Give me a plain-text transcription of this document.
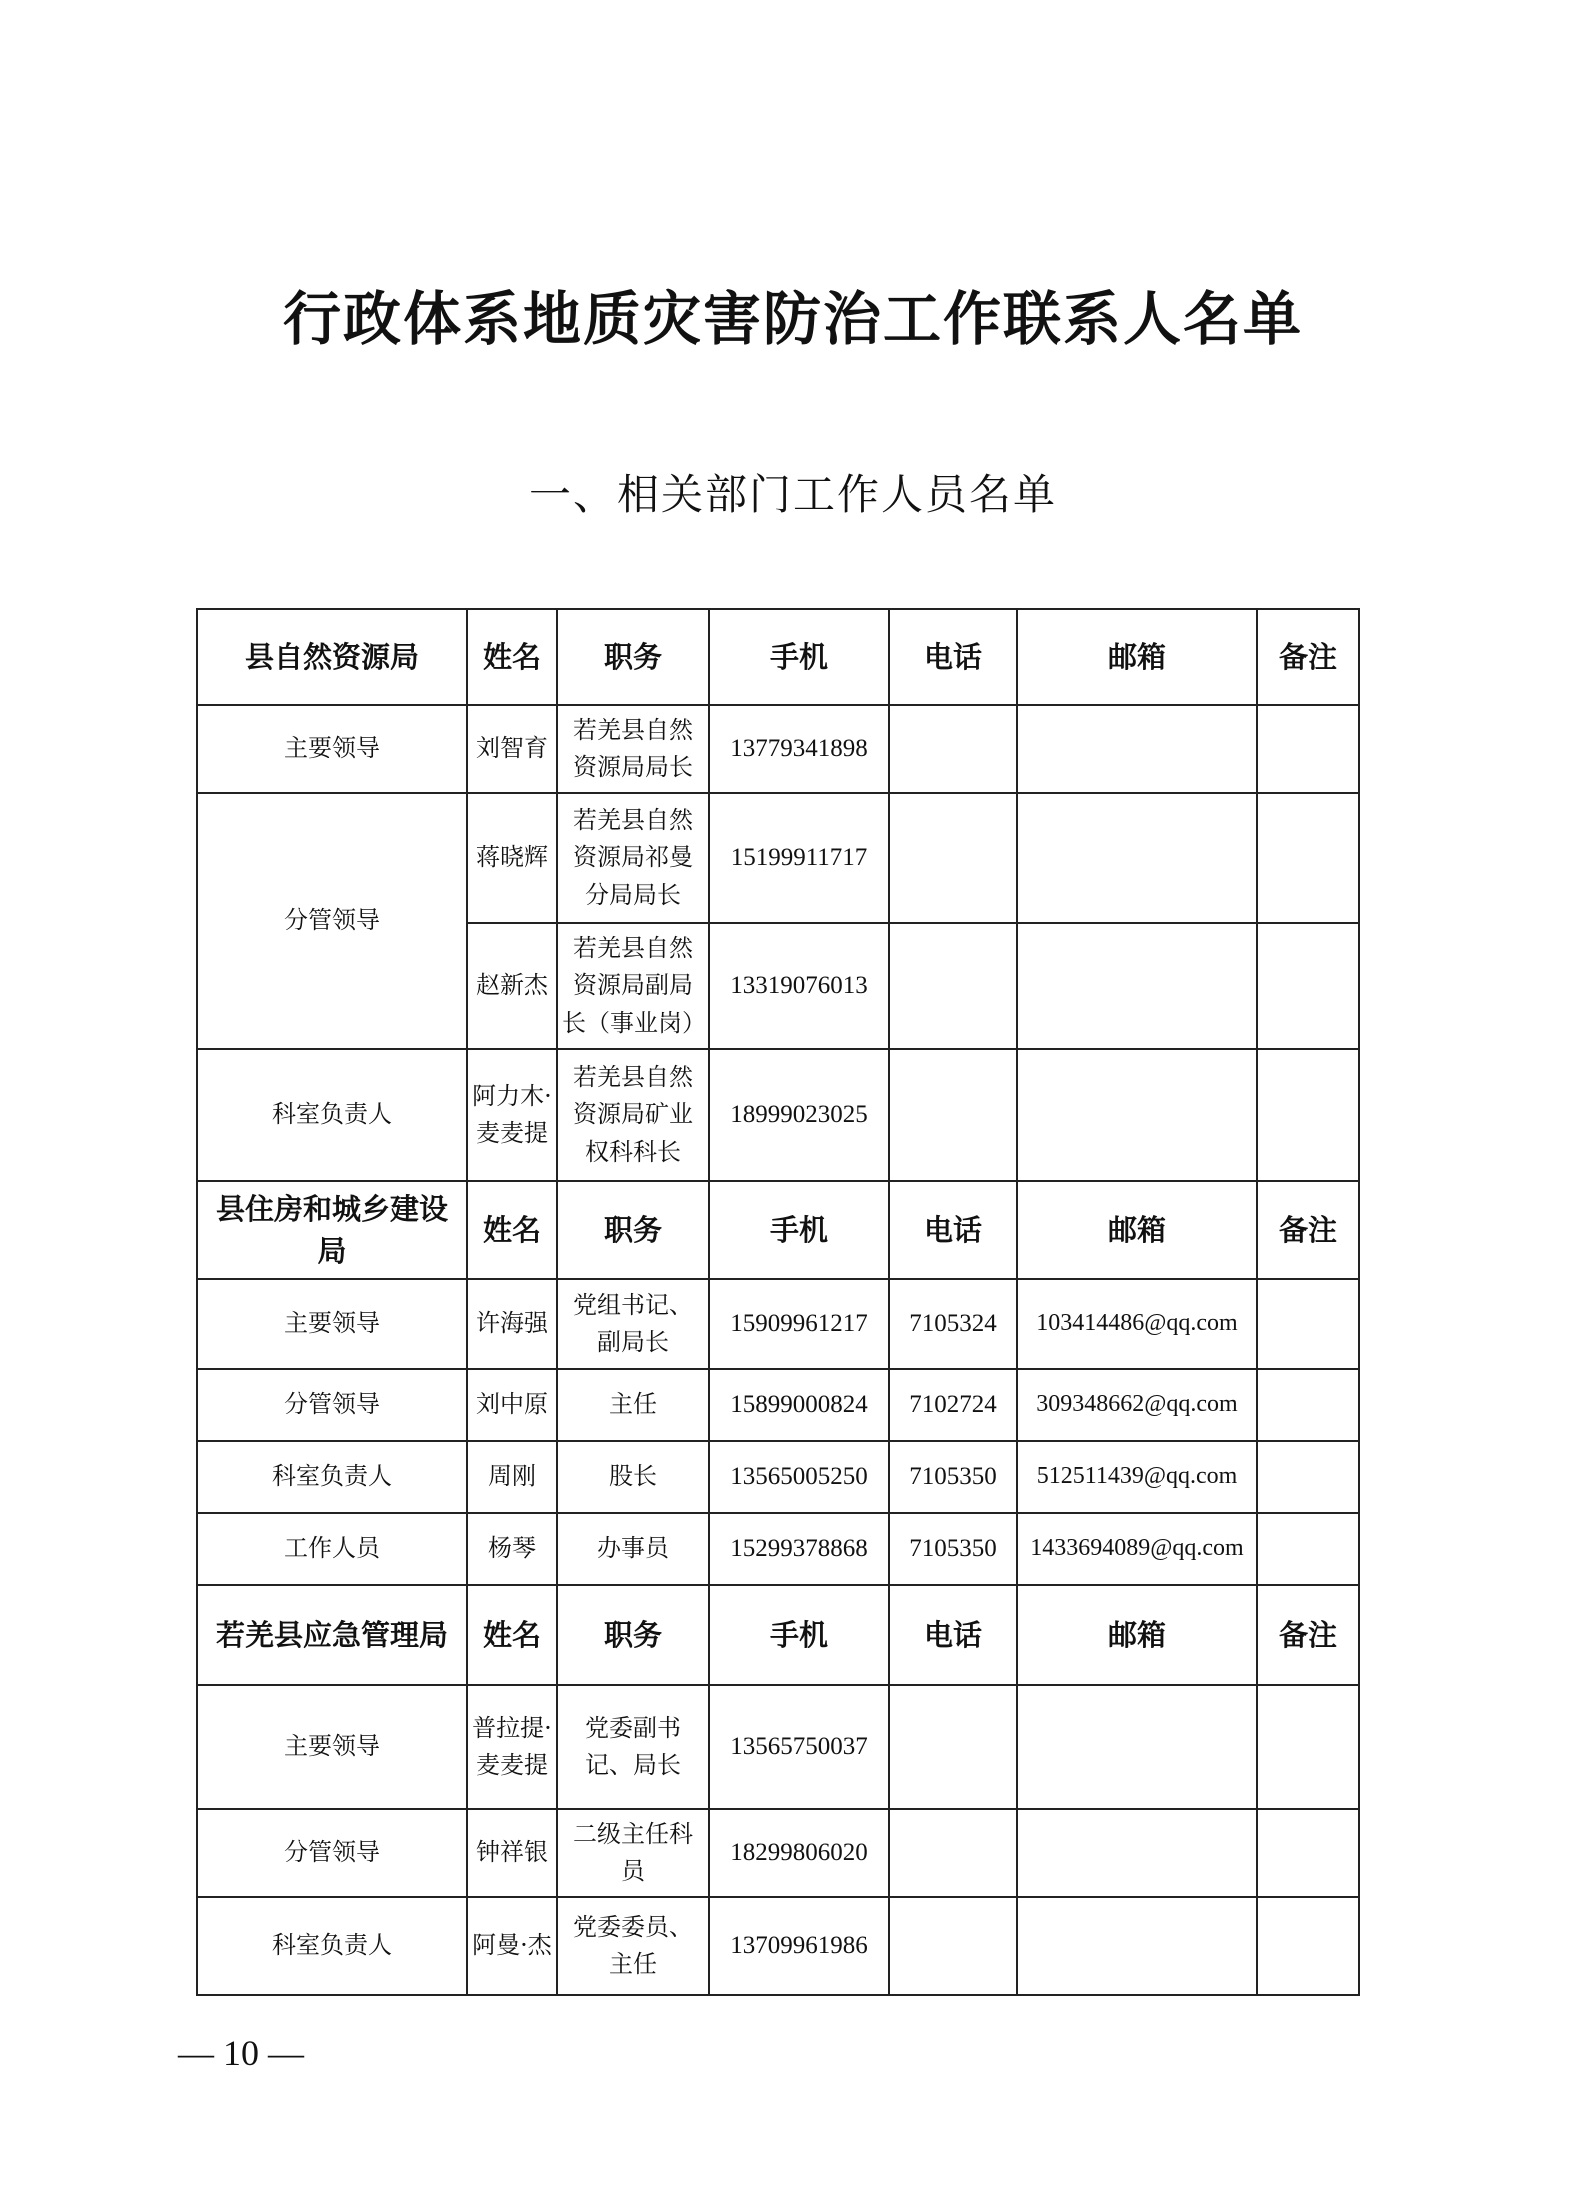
行政体系地质灾害防治工作联系人名单
一、相关部门工作人员名单
县自然资源局	姓名	职务	手机	电话	邮箱	备注
主要领导	刘智育	若羌县自然资源局局长	13779341898			
分管领导	蒋晓辉	若羌县自然资源局祁曼分局局长	15199911717			
	赵新杰	若羌县自然资源局副局长（事业岗）	13319076013			
科室负责人	阿力木·麦麦提	若羌县自然资源局矿业权科科长	18999023025			
县住房和城乡建设局	姓名	职务	手机	电话	邮箱	备注
主要领导	许海强	党组书记、副局长	15909961217	7105324	103414486@qq.com	
分管领导	刘中原	主任	15899000824	7102724	309348662@qq.com	
科室负责人	周刚	股长	13565005250	7105350	512511439@qq.com	
工作人员	杨琴	办事员	15299378868	7105350	1433694089@qq.com	
若羌县应急管理局	姓名	职务	手机	电话	邮箱	备注
主要领导	普拉提·麦麦提	党委副书记、局长	13565750037			
分管领导	钟祥银	二级主任科员	18299806020			
科室负责人	阿曼·杰	党委委员、主任	13709961986			
— 10 —
